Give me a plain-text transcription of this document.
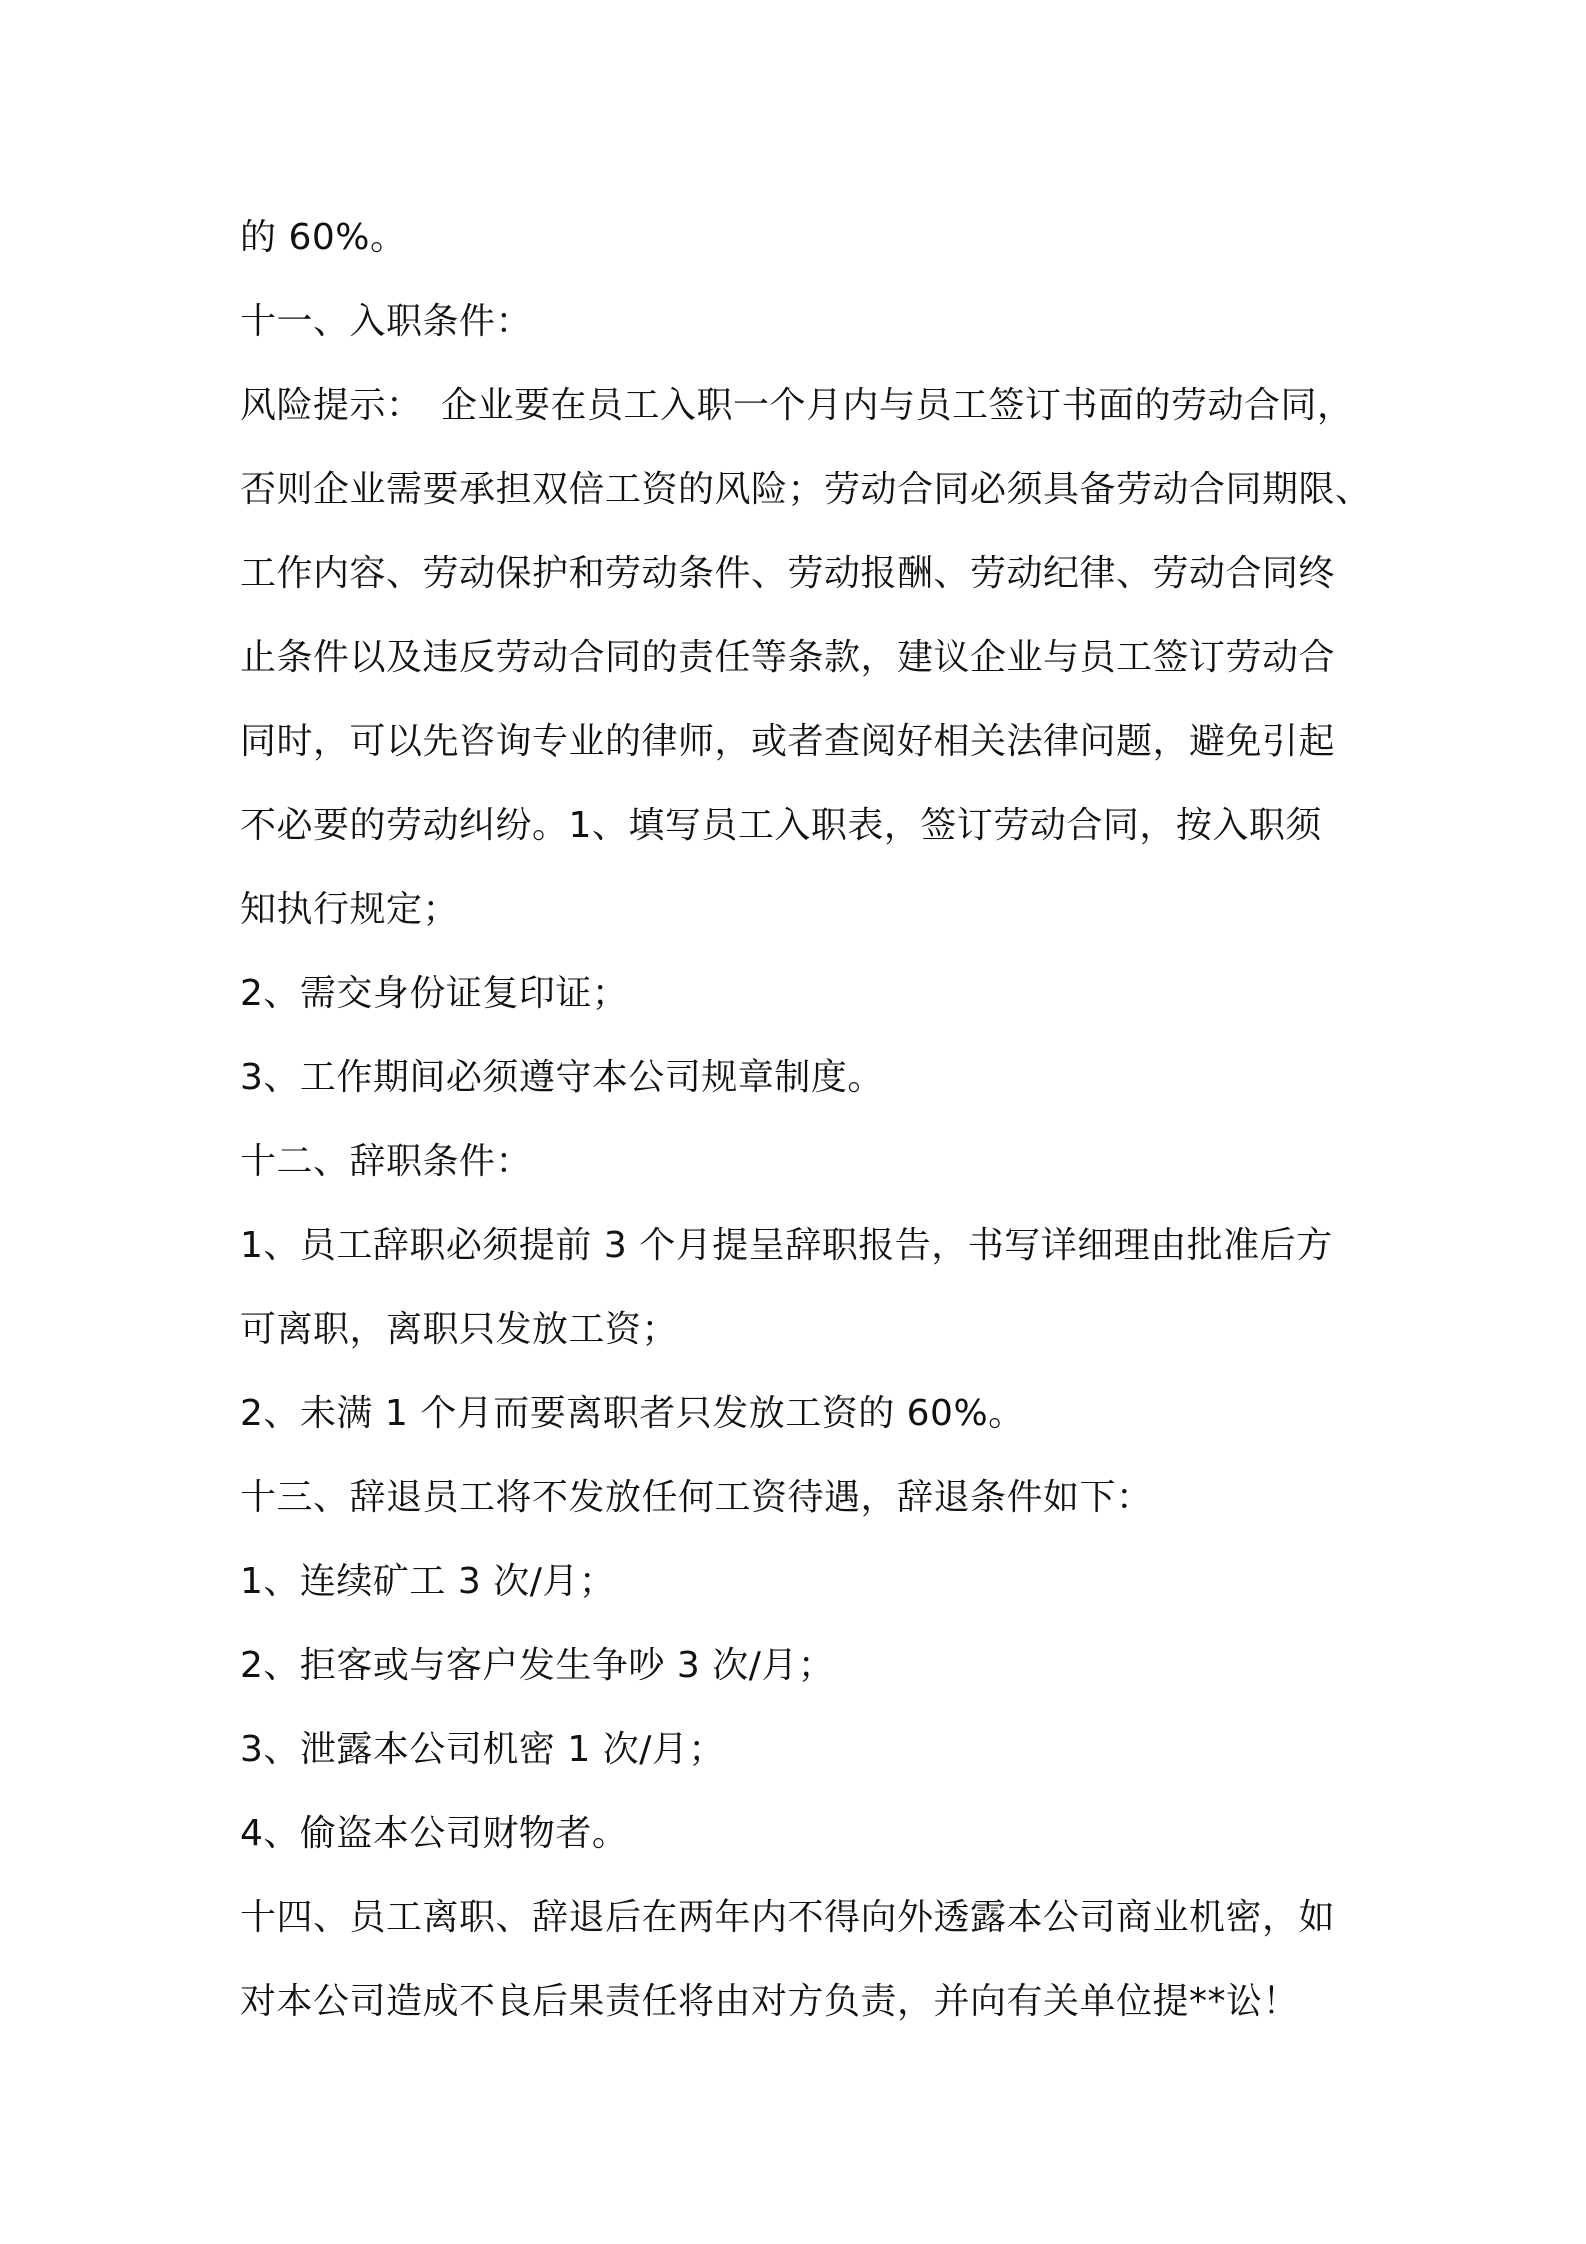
的 60%。
十一、入职条件：
风险提示：　企业要在员工入职一个月内与员工签订书面的劳动合同，
否则企业需要承担双倍工资的风险；劳动合同必须具备劳动合同期限、
工作内容、劳动保护和劳动条件、劳动报酬、劳动纪律、劳动合同终
止条件以及违反劳动合同的责任等条款，建议企业与员工签订劳动合
同时，可以先咨询专业的律师，或者查阅好相关法律问题，避免引起
不必要的劳动纠纷。1、填写员工入职表，签订劳动合同，按入职须
知执行规定；
2、需交身份证复印证；
3、工作期间必须遵守本公司规章制度。
十二、辞职条件：
1、员工辞职必须提前 3 个月提呈辞职报告，书写详细理由批准后方
可离职，离职只发放工资；
2、未满 1 个月而要离职者只发放工资的 60%。
十三、辞退员工将不发放任何工资待遇，辞退条件如下：
1、连续矿工 3 次/月；
2、拒客或与客户发生争吵 3 次/月；
3、泄露本公司机密 1 次/月；
4、偷盗本公司财物者。
十四、员工离职、辞退后在两年内不得向外透露本公司商业机密，如
对本公司造成不良后果责任将由对方负责，并向有关单位提**讼！
